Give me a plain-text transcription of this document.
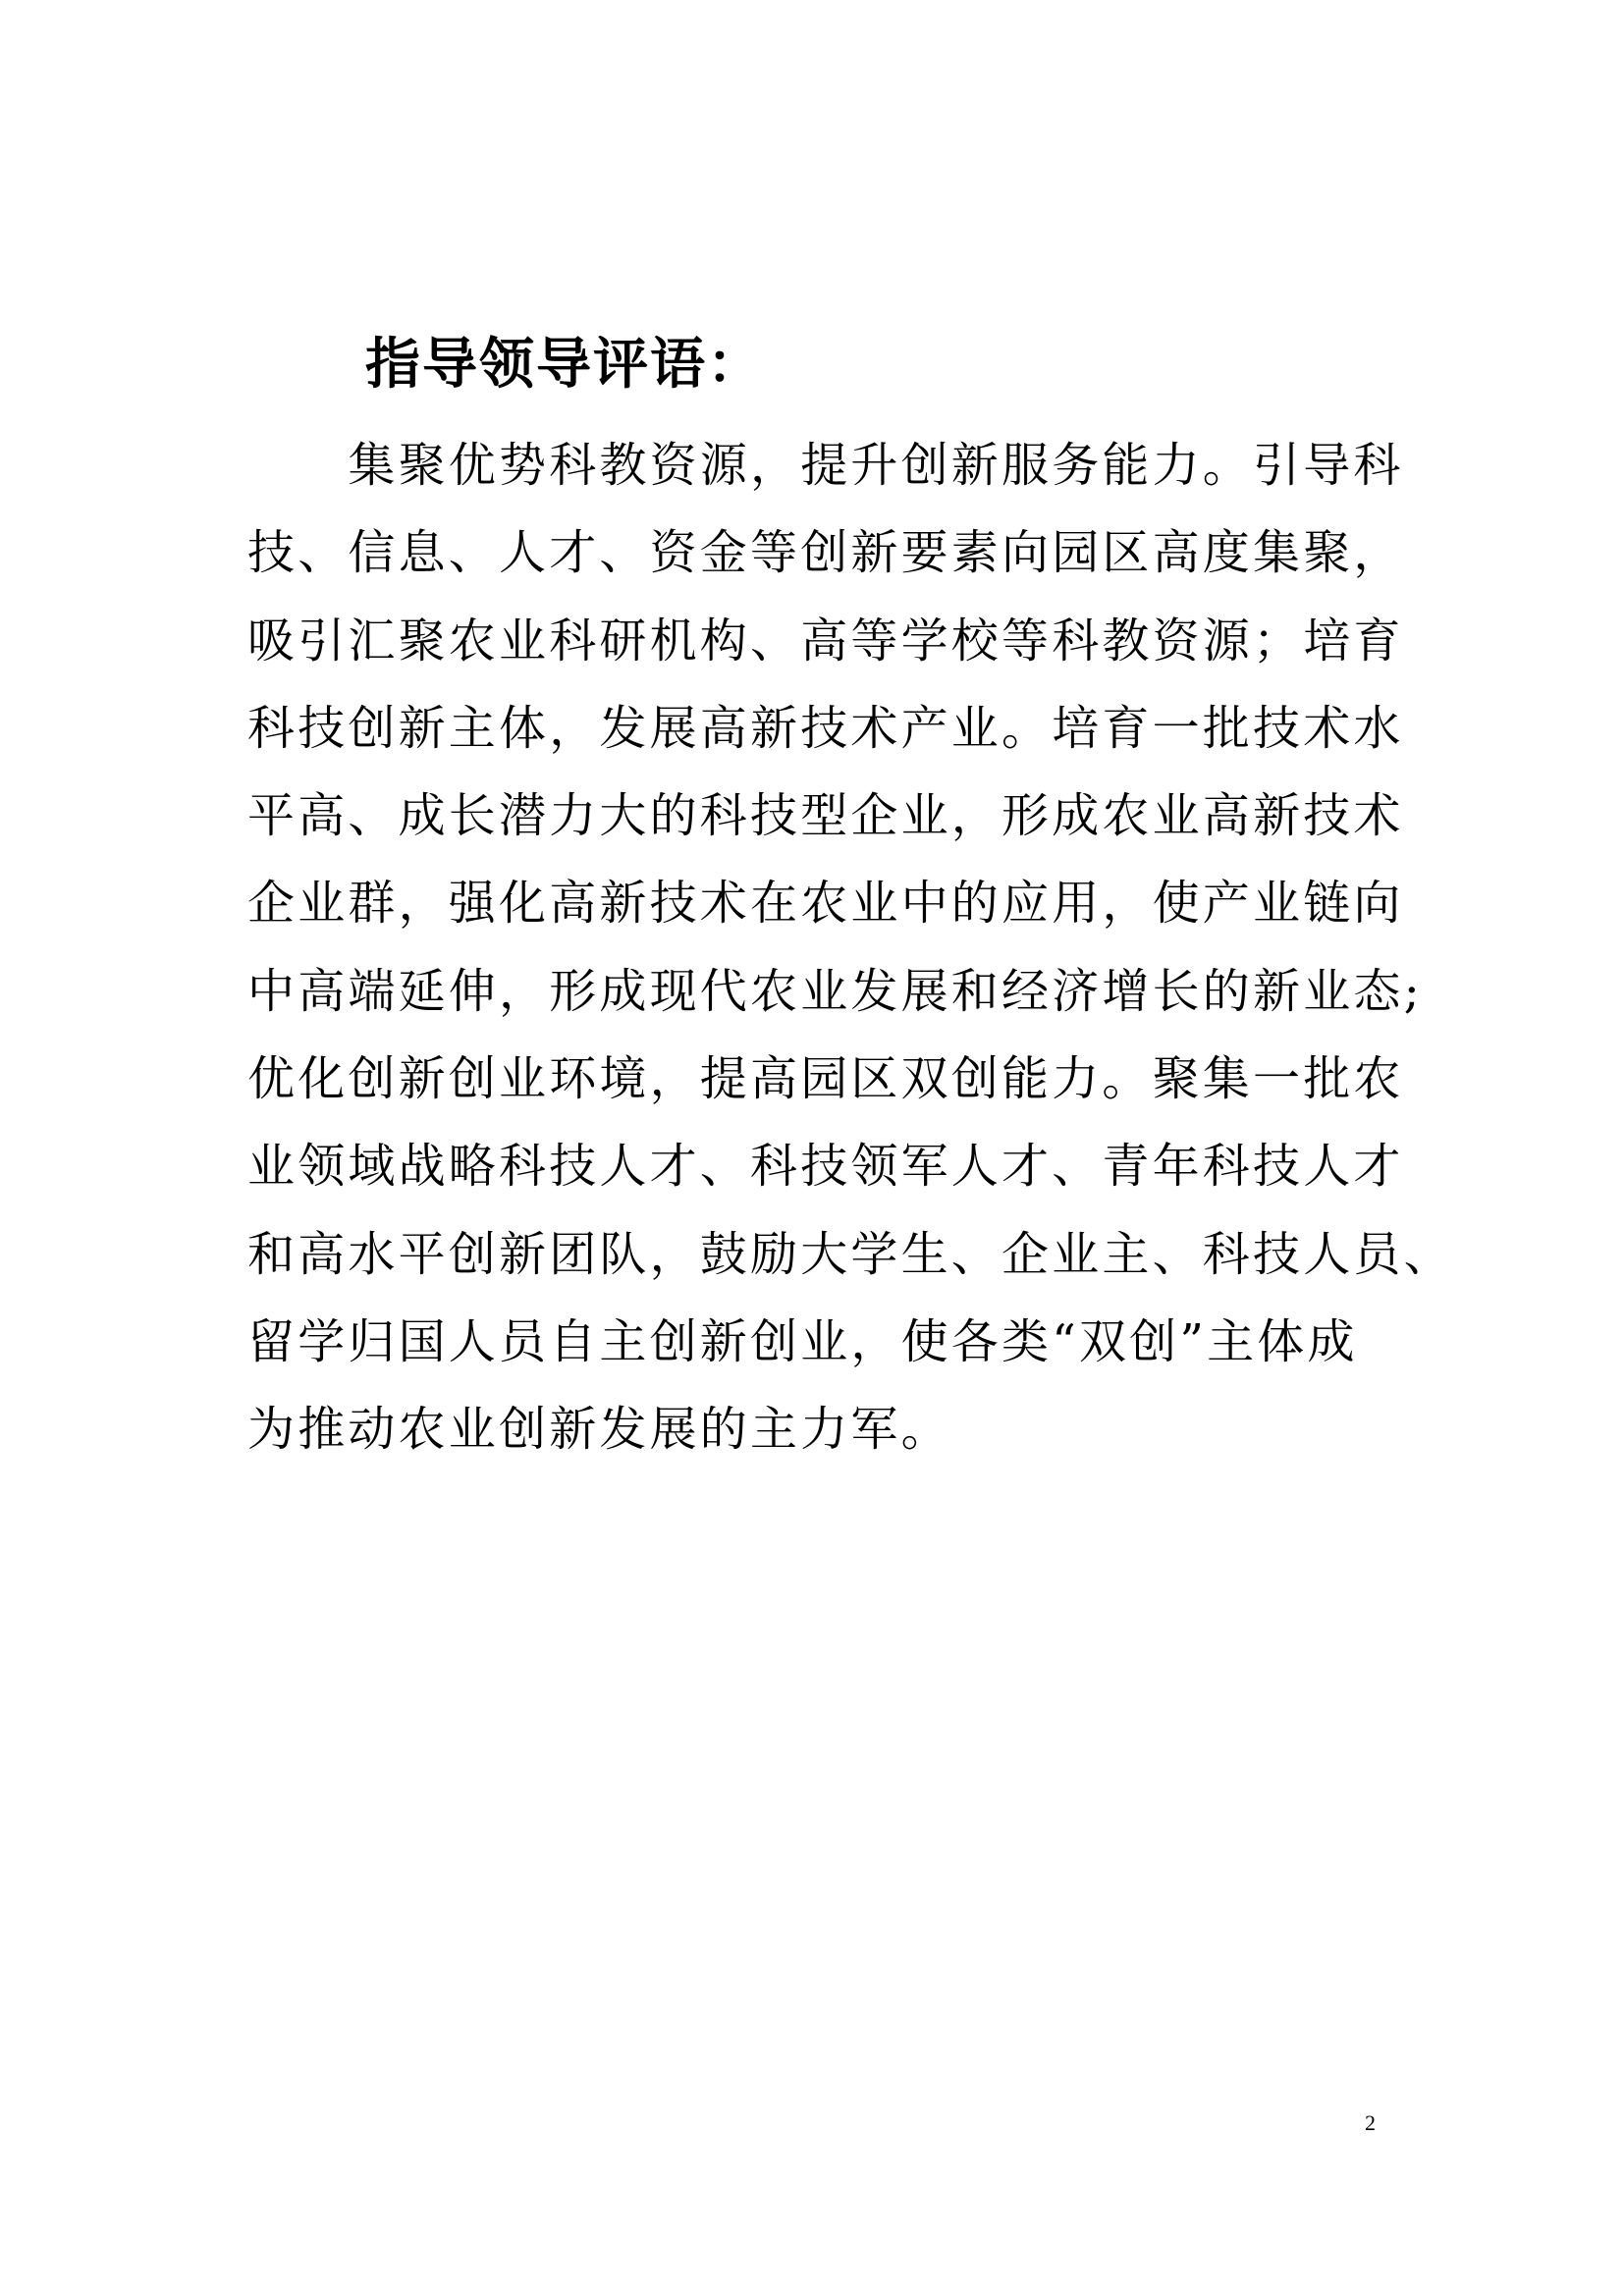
指导领导评语：
　　集聚优势科教资源，提升创新服务能力。引导科
技、信息、人才、资金等创新要素向园区高度集聚，
吸引汇聚农业科研机构、高等学校等科教资源；培育
科技创新主体，发展高新技术产业。培育一批技术水
平高、成长潜力大的科技型企业，形成农业高新技术
企业群，强化高新技术在农业中的应用，使产业链向
中高端延伸，形成现代农业发展和经济增长的新业态;
优化创新创业环境，提高园区双创能力。聚集一批农
业领域战略科技人才、科技领军人才、青年科技人才
和高水平创新团队，鼓励大学生、企业主、科技人员、
留学归国人员自主创新创业，使各类“双创”主体成
为推动农业创新发展的主力军。
2
